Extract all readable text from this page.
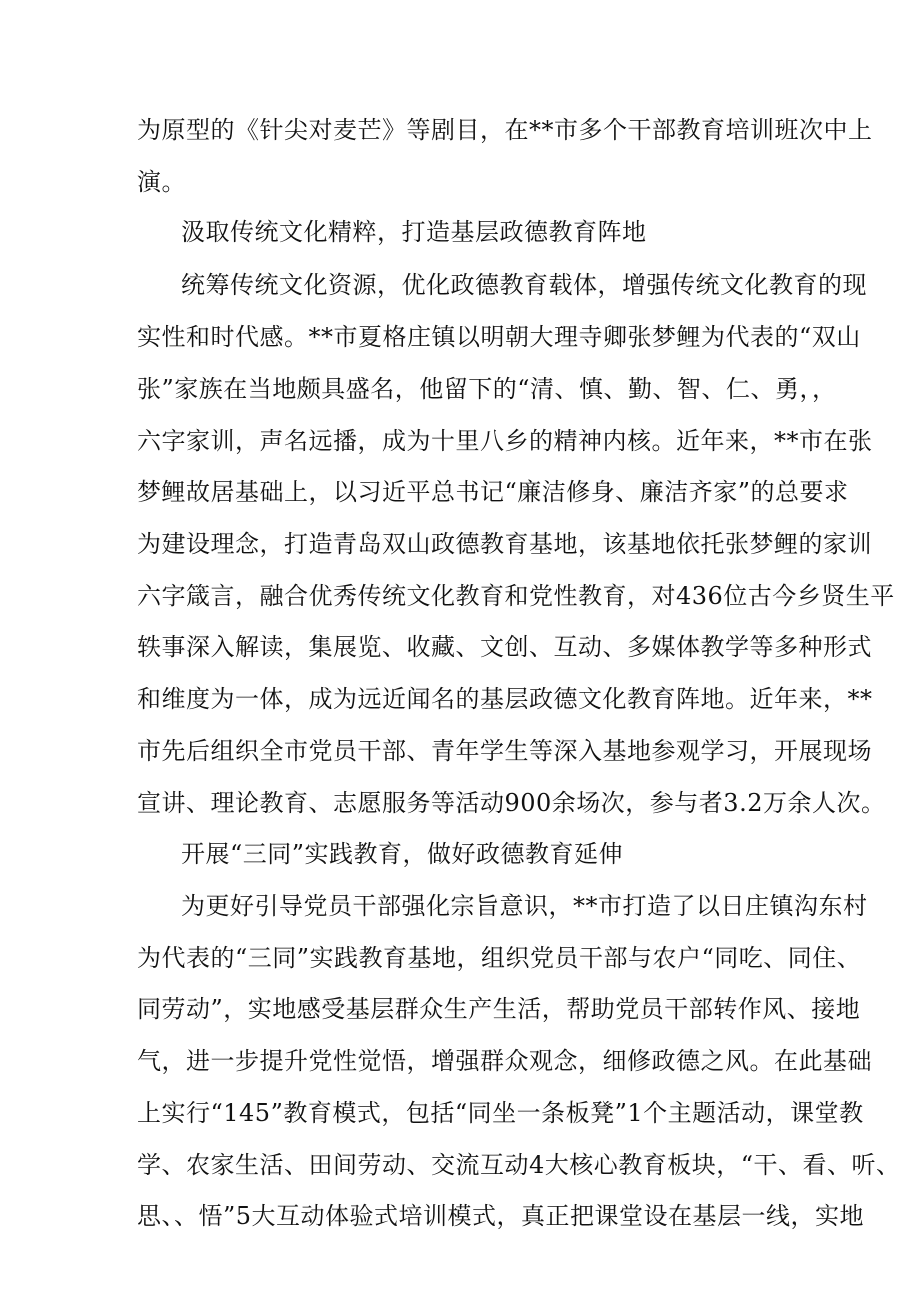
为原型的《针尖对麦芒》等剧目，在**市多个干部教育培训班次中上
演。
汲取传统文化精粹，打造基层政德教育阵地
统筹传统文化资源，优化政德教育载体，增强传统文化教育的现
实性和时代感。**市夏格庄镇以明朝大理寺卿张梦鲤为代表的“双山
张”家族在当地颇具盛名，他留下的“清、慎、勤、智、仁、勇，，
六字家训，声名远播，成为十里八乡的精神内核。近年来，**市在张
梦鲤故居基础上，以习近平总书记“廉洁修身、廉洁齐家”的总要求
为建设理念，打造青岛双山政德教育基地，该基地依托张梦鲤的家训
六字箴言，融合优秀传统文化教育和党性教育，对436位古今乡贤生平
轶事深入解读，集展览、收藏、文创、互动、多媒体教学等多种形式
和维度为一体，成为远近闻名的基层政德文化教育阵地。近年来，**
市先后组织全市党员干部、青年学生等深入基地参观学习，开展现场
宣讲、理论教育、志愿服务等活动900余场次，参与者3.2万余人次。
开展“三同”实践教育，做好政德教育延伸
为更好引导党员干部强化宗旨意识，**市打造了以日庄镇沟东村
为代表的“三同”实践教育基地，组织党员干部与农户“同吃、同住、
同劳动”，实地感受基层群众生产生活，帮助党员干部转作风、接地
气，进一步提升党性觉悟，增强群众观念，细修政德之风。在此基础
上实行“145”教育模式，包括“同坐一条板凳”1个主题活动，课堂教
学、农家生活、田间劳动、交流互动4大核心教育板块，“干、看、听、
思、、悟”5大互动体验式培训模式，真正把课堂设在基层一线，实地
